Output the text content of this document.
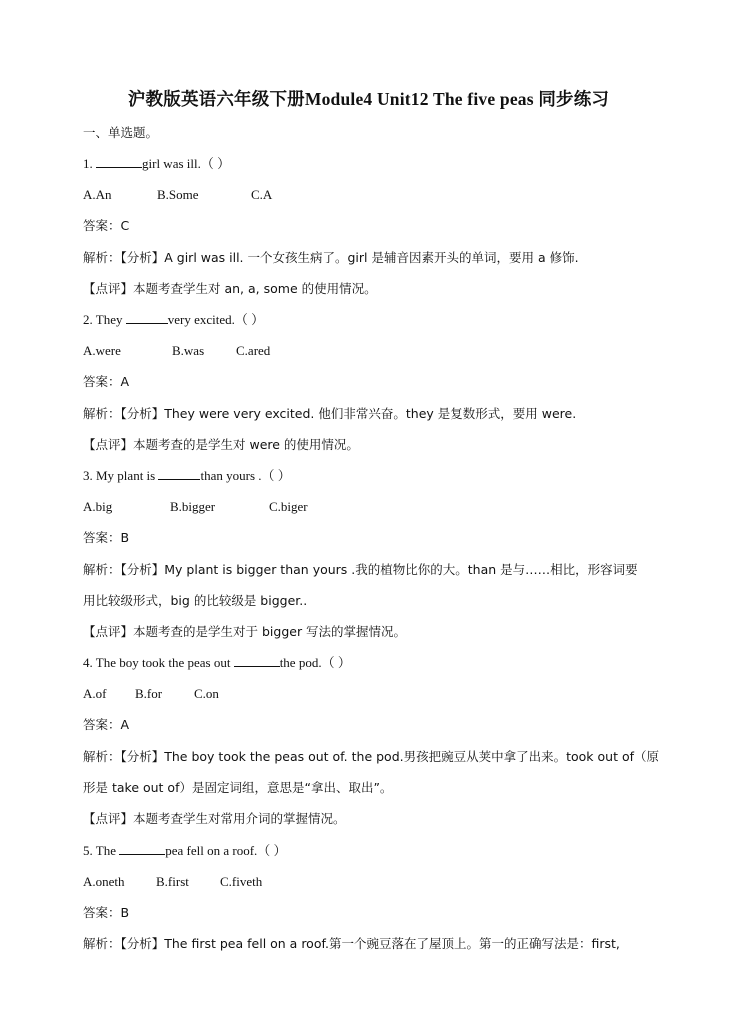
沪教版英语六年级下册Module4 Unit12 The five peas 同步练习
一、单选题。
1.	girl was ill.（ ）
A.An	B.Some	C.A
答案：C
解析：【分析】A girl was ill. 一个女孩生病了。girl 是辅音因素开头的单词，要用 a 修饰.
【点评】本题考查学生对 an, a, some 的使用情况。
2. They	very excited.（ ）
A.were	B.was C.ared
答案：A
解析：【分析】They were very excited. 他们非常兴奋。they 是复数形式，要用 were.
【点评】本题考查的是学生对 were 的使用情况。
3. My plant is	than yours .（ ）
A.big	B.bigger	C.biger
答案：B
解析：【分析】My plant is bigger than yours .我的植物比你的大。than 是与……相比，形容词要
用比较级形式，big 的比较级是 bigger..
【点评】本题考查的是学生对于 bigger 写法的掌握情况。
4. The boy took the peas out	the pod.（ ）
A.of B.for C.on
答案：A
解析：【分析】The boy took the peas out of. the pod.男孩把豌豆从荚中拿了出来。took out of（原
形是 take out of）是固定词组，意思是“拿出、取出”。
【点评】本题考查学生对常用介词的掌握情况。
5. The	pea fell on a roof.（ ）
A.oneth B.first C.fiveth
答案：B
解析：【分析】The first pea fell on a roof.第一个豌豆落在了屋顶上。第一的正确写法是：first,
